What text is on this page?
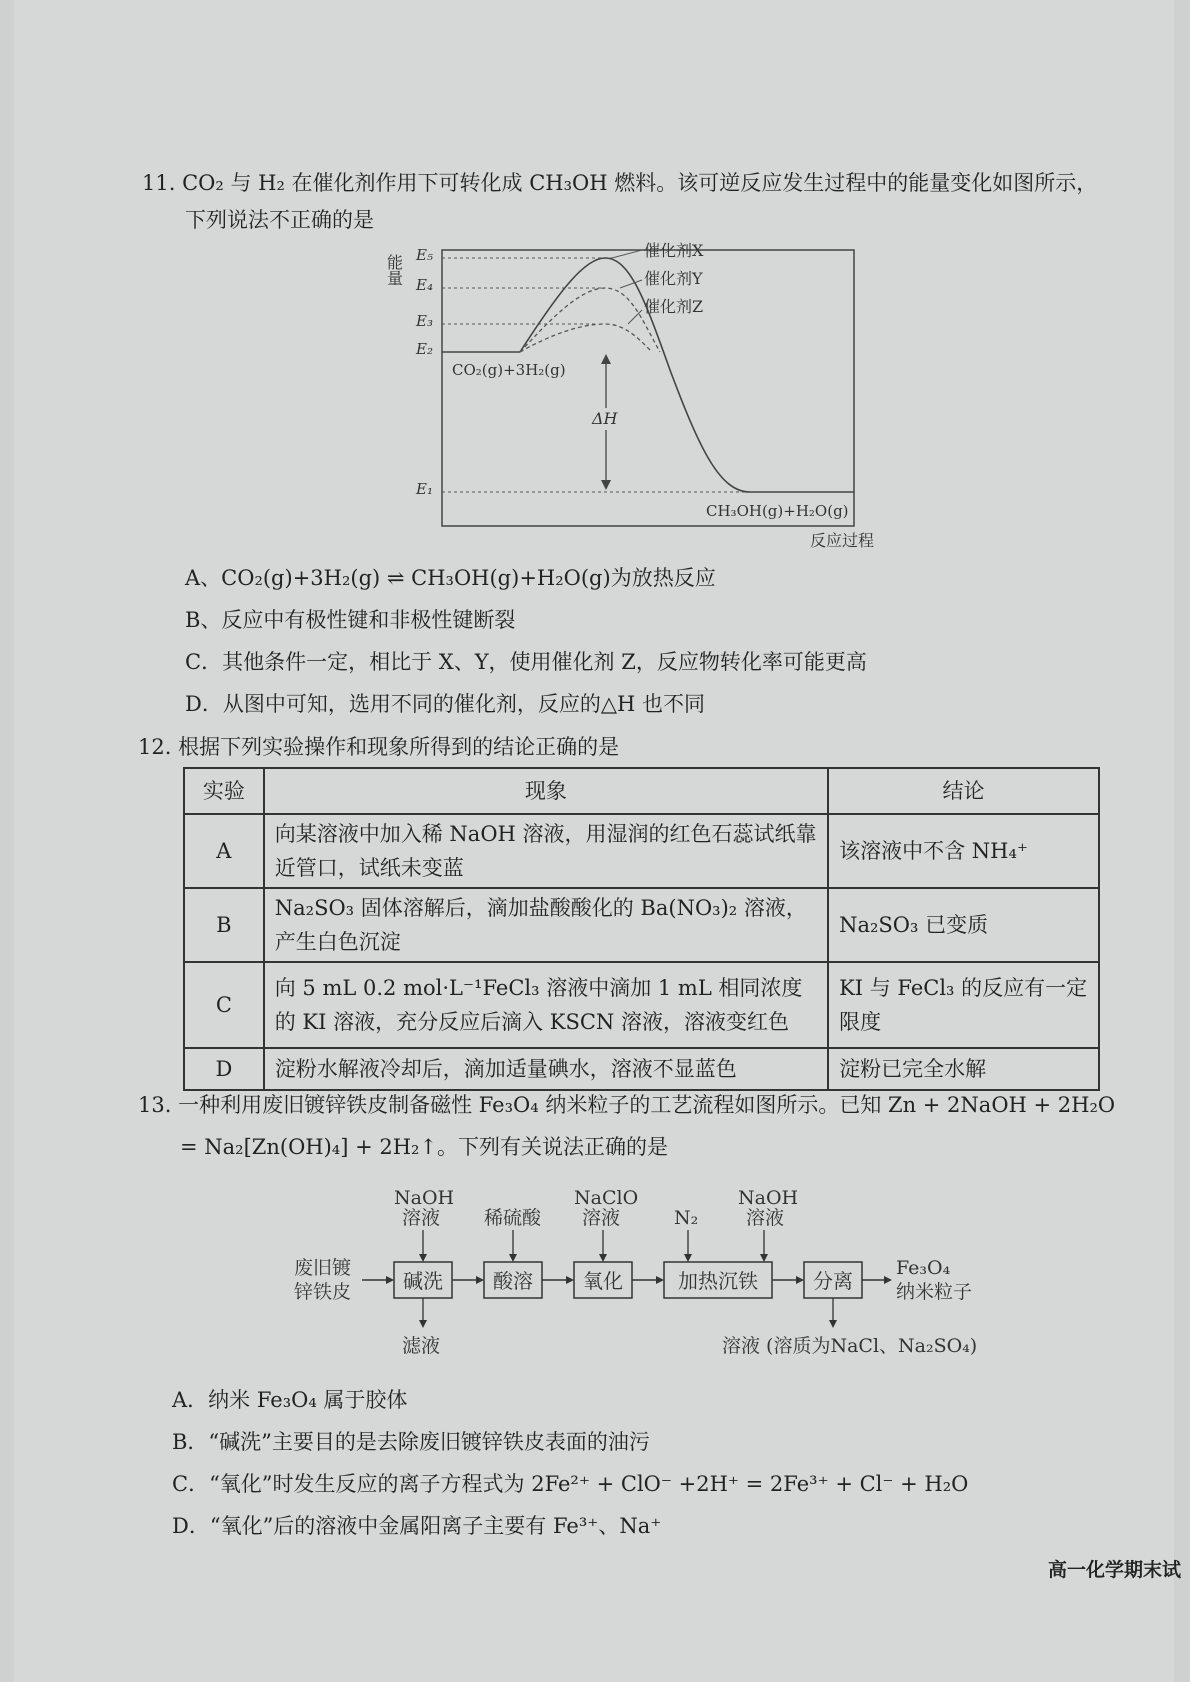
11. CO₂ 与 H₂ 在催化剂作用下可转化成 CH₃OH 燃料。该可逆反应发生过程中的能量变化如图所示，
下列说法不正确的是
能量 E₅
E₄
E₃
E₂
E₁
催化剂X
催化剂Y
催化剂Z
CO₂(g)+3H₂(g)
CH₃OH(g)+H₂O(g)
ΔH
反应过程
A、CO₂(g)+3H₂(g) ⇌ CH₃OH(g)+H₂O(g)为放热反应
B、反应中有极性键和非极性键断裂
C．其他条件一定，相比于 X、Y，使用催化剂 Z，反应物转化率可能更高
D．从图中可知，选用不同的催化剂，反应的△H 也不同
12. 根据下列实验操作和现象所得到的结论正确的是
实验	现象	结论
A	向某溶液中加入稀 NaOH 溶液，用湿润的红色石蕊试纸靠近管口，试纸未变蓝	该溶液中不含 NH₄⁺
B	Na₂SO₃ 固体溶解后，滴加盐酸酸化的 Ba(NO₃)₂ 溶液，产生白色沉淀	Na₂SO₃ 已变质
C	向 5 mL 0.2 mol·L⁻¹FeCl₃ 溶液中滴加 1 mL 相同浓度的 KI 溶液，充分反应后滴入 KSCN 溶液，溶液变红色	KI 与 FeCl₃ 的反应有一定限度
D	淀粉水解液冷却后，滴加适量碘水，溶液不显蓝色	淀粉已完全水解
13. 一种利用废旧镀锌铁皮制备磁性 Fe₃O₄ 纳米粒子的工艺流程如图所示。已知 Zn + 2NaOH + 2H₂O
= Na₂[Zn(OH)₄] + 2H₂↑。下列有关说法正确的是
废旧镀
锌铁皮	碱洗	酸溶	氧化	加热沉铁	分离
Fe₃O₄
纳米粒子
NaOH
溶液 稀硫酸
NaClO
溶液	N₂
NaOH
溶液
滤液	溶液 (溶质为NaCl、Na₂SO₄)
A．纳米 Fe₃O₄ 属于胶体
B．“碱洗”主要目的是去除废旧镀锌铁皮表面的油污
C．“氧化”时发生反应的离子方程式为 2Fe²⁺ + ClO⁻ +2H⁺ = 2Fe³⁺ + Cl⁻ + H₂O
D．“氧化”后的溶液中金属阳离子主要有 Fe³⁺、Na⁺
高一化学期末试
